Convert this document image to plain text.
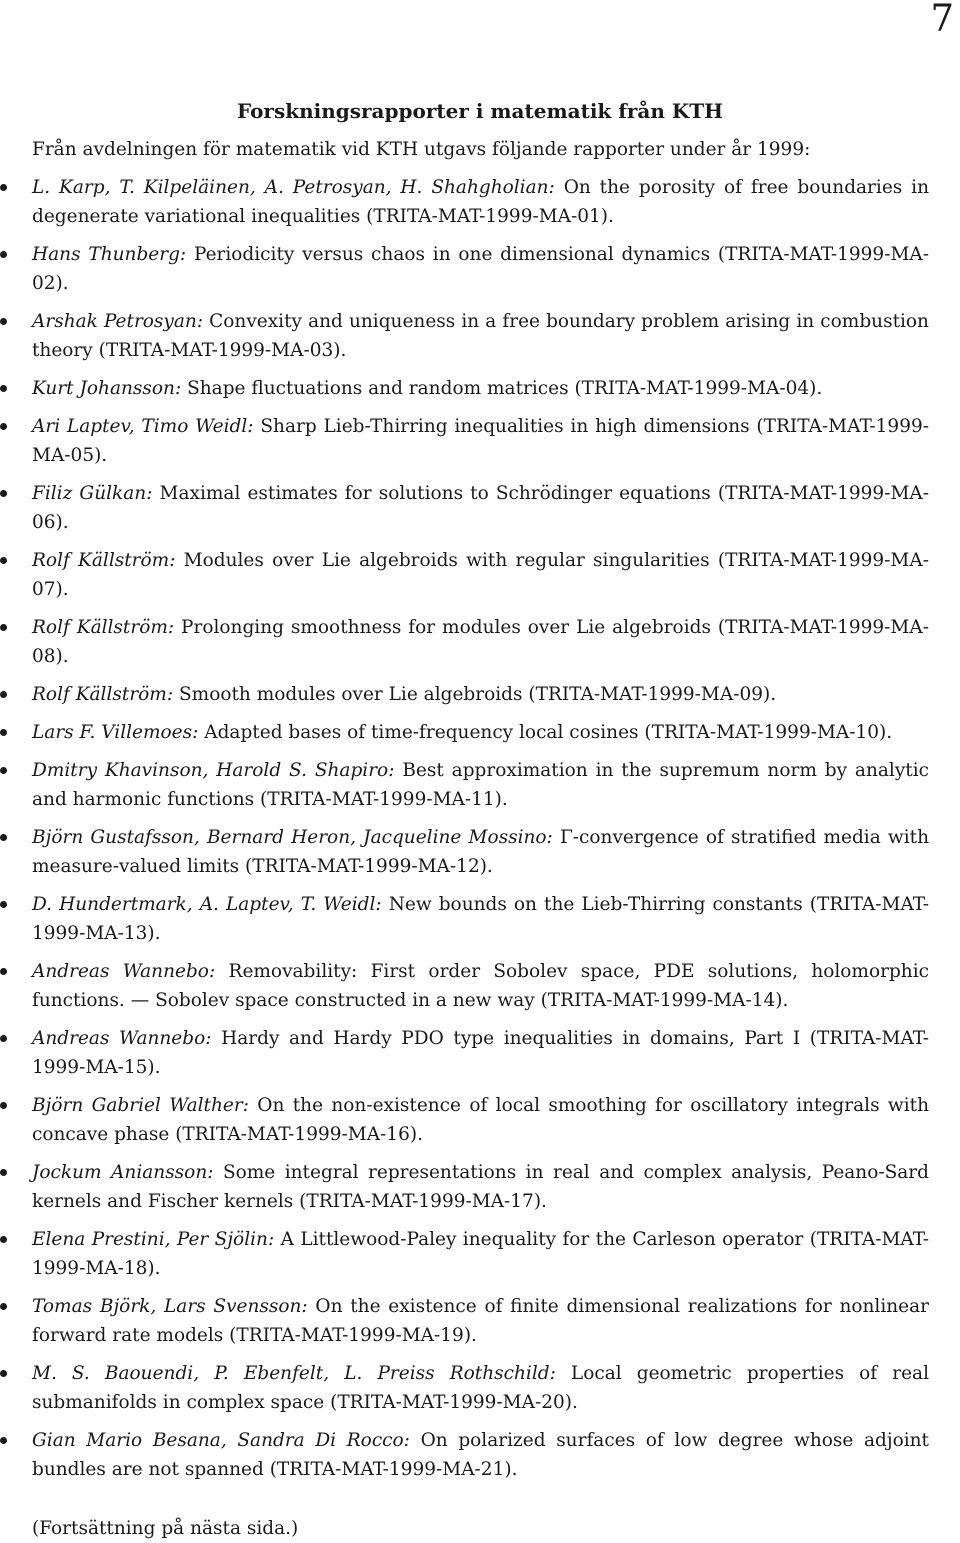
7
Forskningsrapporter i matematik från KTH
Från avdelningen för matematik vid KTH utgavs följande rapporter under år 1999:
L. Karp, T. Kilpeläinen, A. Petrosyan, H. Shahgholian: On the porosity of free boundaries in degenerate variational inequalities (TRITA-MAT-1999-MA-01).
Hans Thunberg: Periodicity versus chaos in one dimensional dynamics (TRITA-MAT-1999-MA-02).
Arshak Petrosyan: Convexity and uniqueness in a free boundary problem arising in combustion theory (TRITA-MAT-1999-MA-03).
Kurt Johansson: Shape fluctuations and random matrices (TRITA-MAT-1999-MA-04).
Ari Laptev, Timo Weidl: Sharp Lieb-Thirring inequalities in high dimensions (TRITA-MAT-1999-MA-05).
Filiz Gülkan: Maximal estimates for solutions to Schrödinger equations (TRITA-MAT-1999-MA-06).
Rolf Källström: Modules over Lie algebroids with regular singularities (TRITA-MAT-1999-MA-07).
Rolf Källström: Prolonging smoothness for modules over Lie algebroids (TRITA-MAT-1999-MA-08).
Rolf Källström: Smooth modules over Lie algebroids (TRITA-MAT-1999-MA-09).
Lars F. Villemoes: Adapted bases of time-frequency local cosines (TRITA-MAT-1999-MA-10).
Dmitry Khavinson, Harold S. Shapiro: Best approximation in the supremum norm by analytic and harmonic functions (TRITA-MAT-1999-MA-11).
Björn Gustafsson, Bernard Heron, Jacqueline Mossino: Γ-convergence of stratified media with measure-valued limits (TRITA-MAT-1999-MA-12).
D. Hundertmark, A. Laptev, T. Weidl: New bounds on the Lieb-Thirring constants (TRITA-MAT-1999-MA-13).
Andreas Wannebo: Removability: First order Sobolev space, PDE solutions, holomorphic functions. — Sobolev space constructed in a new way (TRITA-MAT-1999-MA-14).
Andreas Wannebo: Hardy and Hardy PDO type inequalities in domains, Part I (TRITA-MAT-1999-MA-15).
Björn Gabriel Walther: On the non-existence of local smoothing for oscillatory integrals with concave phase (TRITA-MAT-1999-MA-16).
Jockum Aniansson: Some integral representations in real and complex analysis, Peano-Sard kernels and Fischer kernels (TRITA-MAT-1999-MA-17).
Elena Prestini, Per Sjölin: A Littlewood-Paley inequality for the Carleson operator (TRITA-MAT-1999-MA-18).
Tomas Björk, Lars Svensson: On the existence of finite dimensional realizations for nonlinear forward rate models (TRITA-MAT-1999-MA-19).
M. S. Baouendi, P. Ebenfelt, L. Preiss Rothschild: Local geometric properties of real submanifolds in complex space (TRITA-MAT-1999-MA-20).
Gian Mario Besana, Sandra Di Rocco: On polarized surfaces of low degree whose adjoint bundles are not spanned (TRITA-MAT-1999-MA-21).
(Fortsättning på nästa sida.)
